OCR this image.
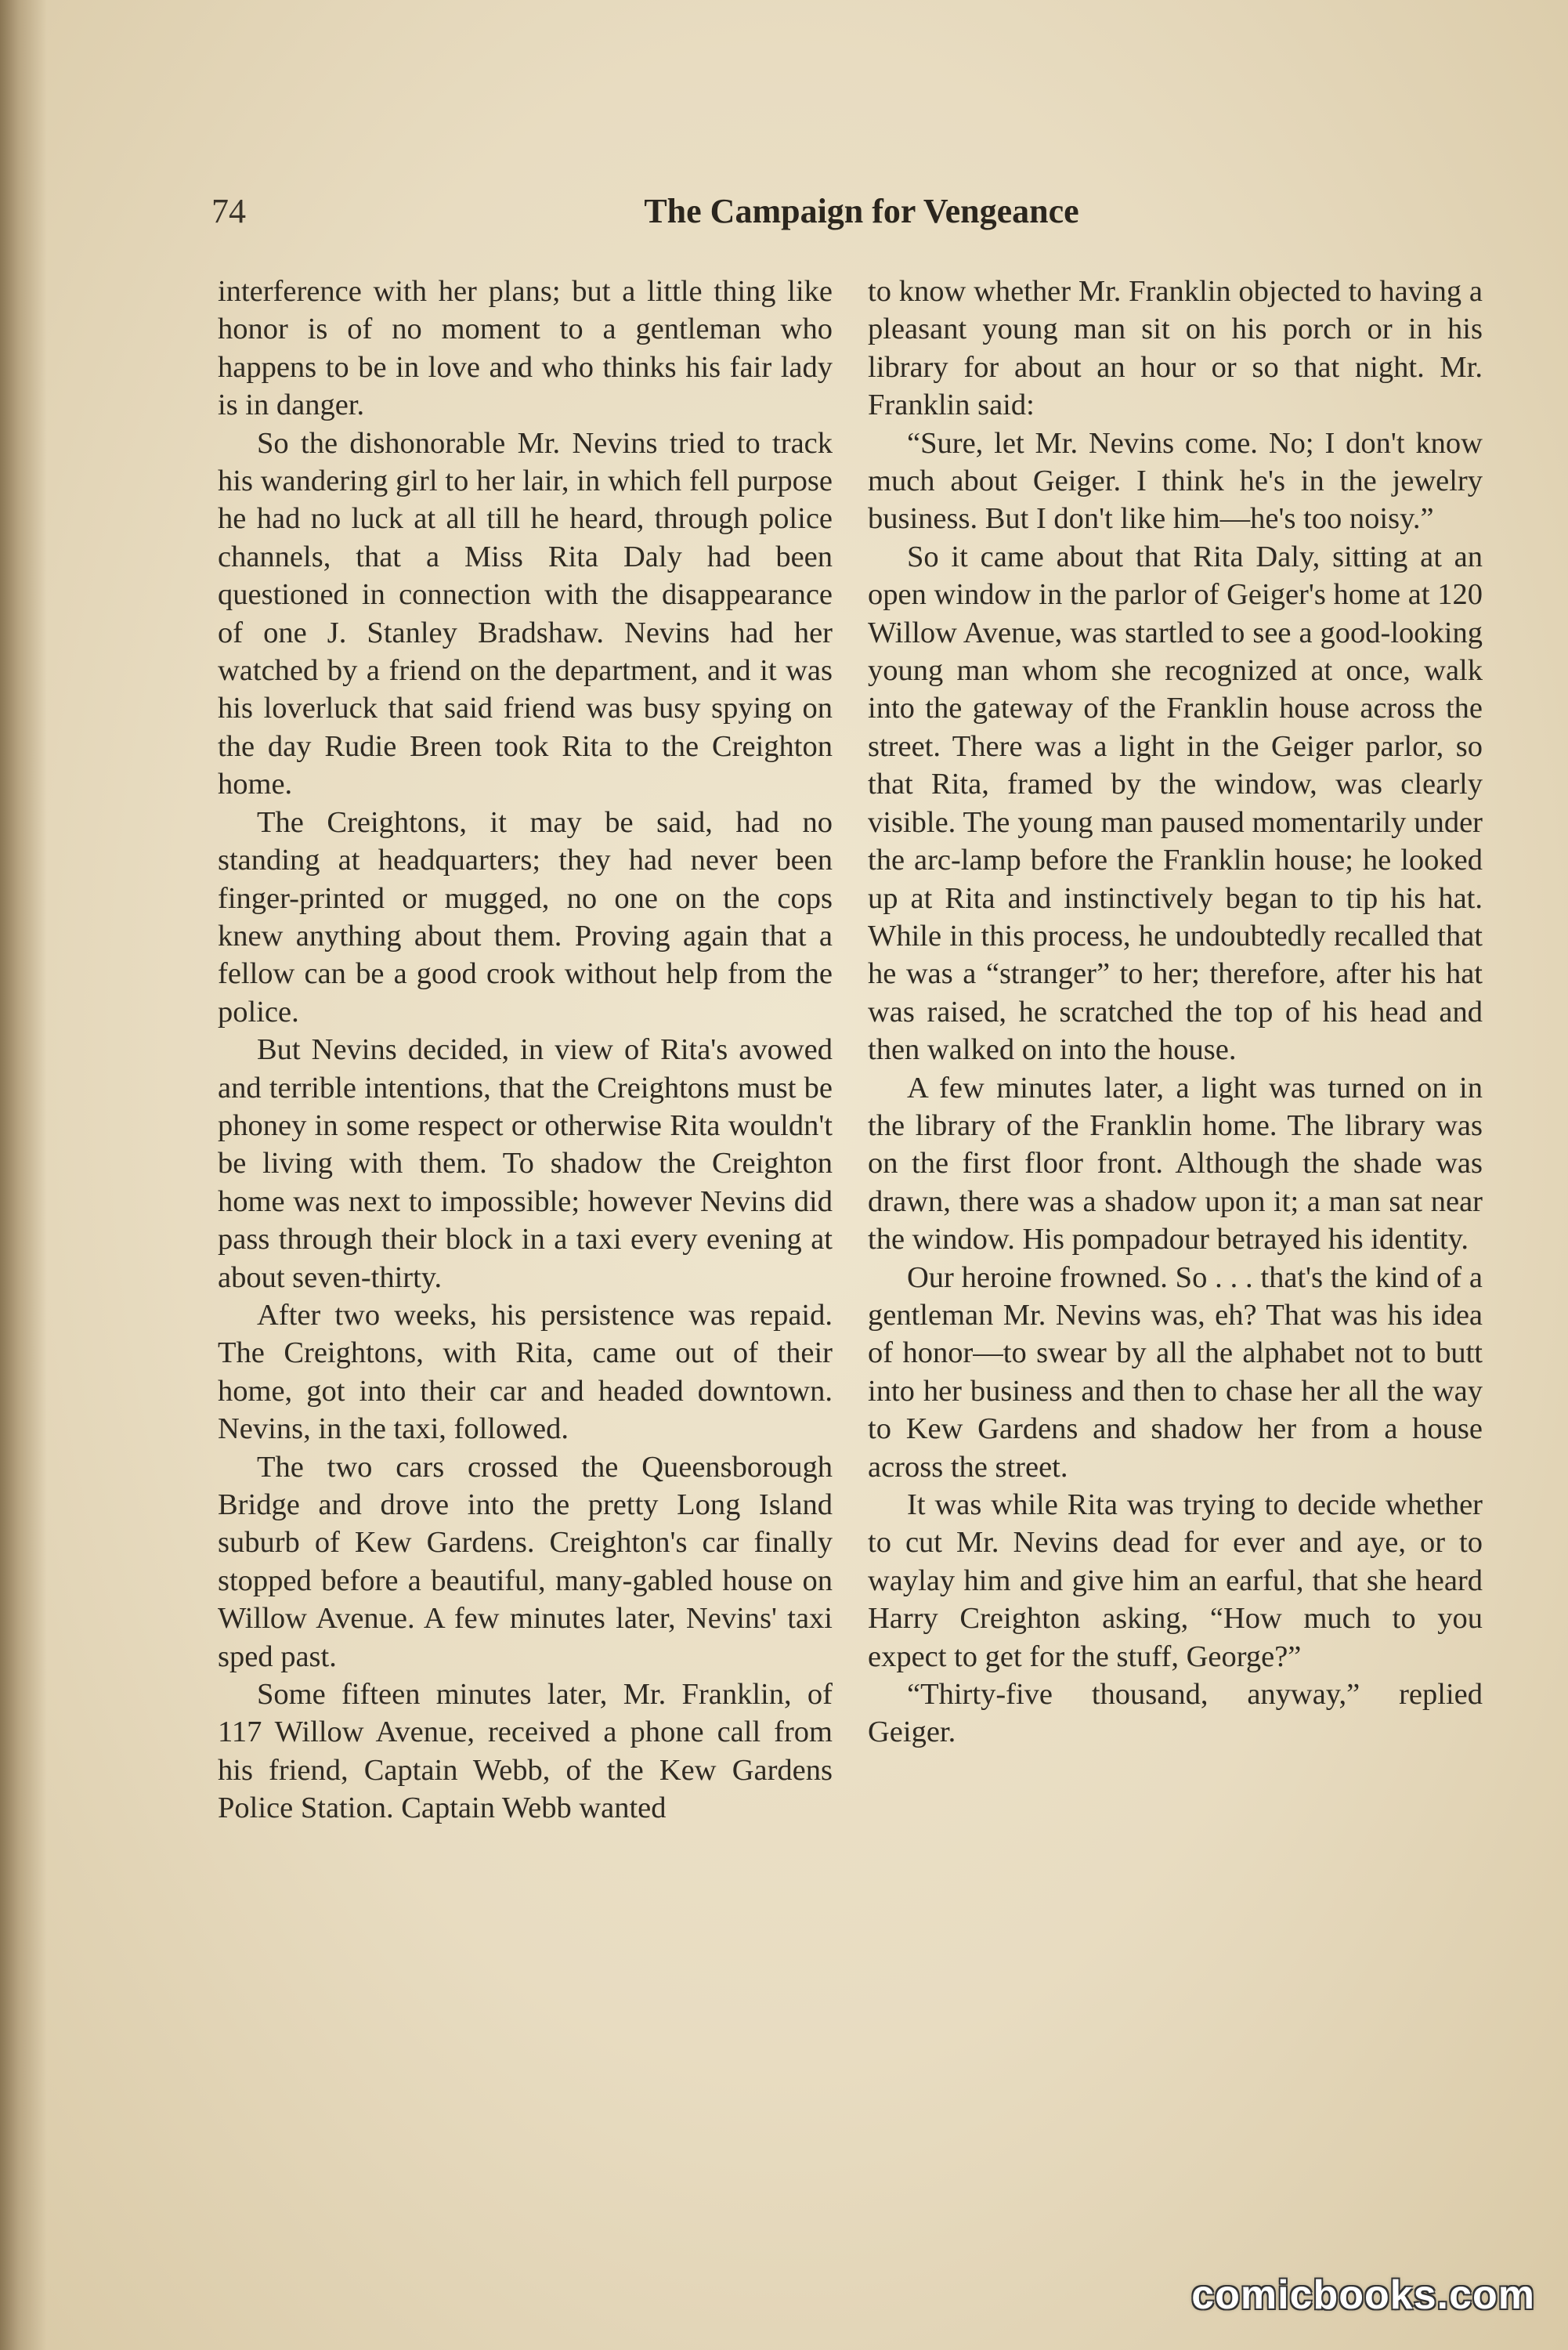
74	The Campaign for Vengeance

interference with her plans; but a little thing like honor is of no moment to a gentleman who happens to be in love and who thinks his fair lady is in danger.

So the dishonorable Mr. Nevins tried to track his wandering girl to her lair, in which fell purpose he had no luck at all till he heard, through police channels, that a Miss Rita Daly had been questioned in connection with the disappearance of one J. Stanley Bradshaw. Nevins had her watched by a friend on the department, and it was his loverluck that said friend was busy spying on the day Rudie Breen took Rita to the Creighton home.

The Creightons, it may be said, had no standing at headquarters; they had never been finger-printed or mugged, no one on the cops knew anything about them. Proving again that a fellow can be a good crook without help from the police.

But Nevins decided, in view of Rita's avowed and terrible intentions, that the Creightons must be phoney in some respect or otherwise Rita wouldn't be living with them. To shadow the Creighton home was next to impossible; however Nevins did pass through their block in a taxi every evening at about seven-thirty.

After two weeks, his persistence was repaid. The Creightons, with Rita, came out of their home, got into their car and headed downtown. Nevins, in the taxi, followed.

The two cars crossed the Queensborough Bridge and drove into the pretty Long Island suburb of Kew Gardens. Creighton's car finally stopped before a beautiful, many-gabled house on Willow Avenue. A few minutes later, Nevins' taxi sped past.

Some fifteen minutes later, Mr. Franklin, of 117 Willow Avenue, received a phone call from his friend, Captain Webb, of the Kew Gardens Police Station. Captain Webb wanted

to know whether Mr. Franklin objected to having a pleasant young man sit on his porch or in his library for about an hour or so that night. Mr. Franklin said:

“Sure, let Mr. Nevins come. No; I don't know much about Geiger. I think he's in the jewelry business. But I don't like him—he's too noisy.”

So it came about that Rita Daly, sitting at an open window in the parlor of Geiger's home at 120 Willow Avenue, was startled to see a good-looking young man whom she recognized at once, walk into the gateway of the Franklin house across the street. There was a light in the Geiger parlor, so that Rita, framed by the window, was clearly visible. The young man paused momentarily under the arc-lamp before the Franklin house; he looked up at Rita and instinctively began to tip his hat. While in this process, he undoubtedly recalled that he was a “stranger” to her; therefore, after his hat was raised, he scratched the top of his head and then walked on into the house.

A few minutes later, a light was turned on in the library of the Franklin home. The library was on the first floor front. Although the shade was drawn, there was a shadow upon it; a man sat near the window. His pompadour betrayed his identity.

Our heroine frowned. So . . . that's the kind of a gentleman Mr. Nevins was, eh? That was his idea of honor—to swear by all the alphabet not to butt into her business and then to chase her all the way to Kew Gardens and shadow her from a house across the street.

It was while Rita was trying to decide whether to cut Mr. Nevins dead for ever and aye, or to waylay him and give him an earful, that she heard Harry Creighton asking, “How much to you expect to get for the stuff, George?”

“Thirty-five thousand, anyway,” replied Geiger.

comicbooks.com
